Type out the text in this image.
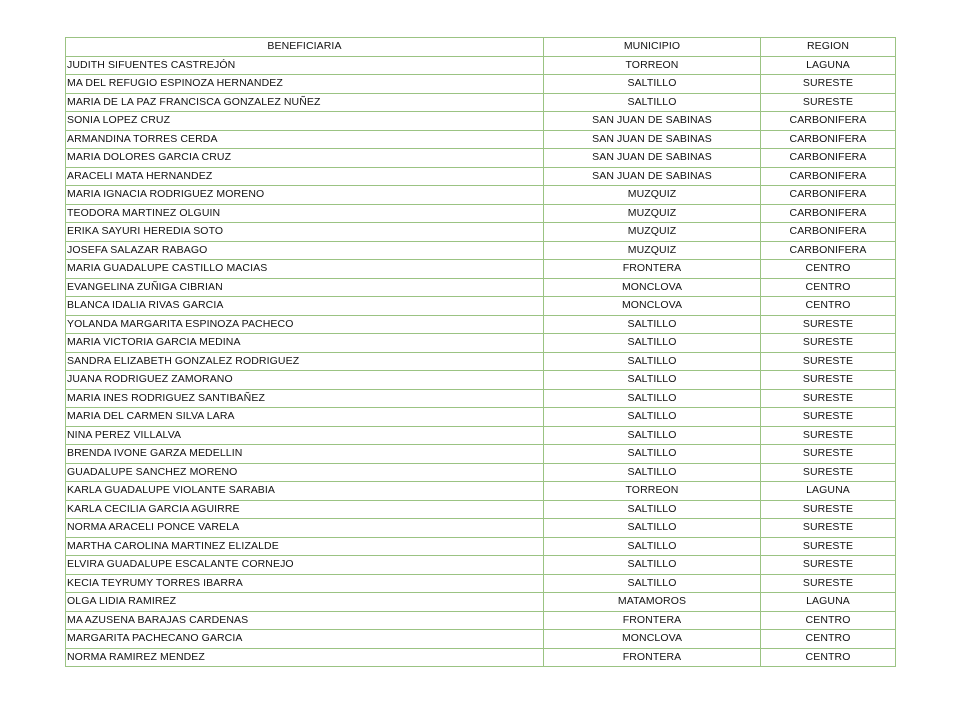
BENEFICIARIA	MUNICIPIO	REGION
JUDITH SIFUENTES CASTREJÓN	TORREON	LAGUNA
MA DEL REFUGIO ESPINOZA HERNANDEZ	SALTILLO	SURESTE
MARIA DE LA PAZ FRANCISCA GONZALEZ NUÑEZ	SALTILLO	SURESTE
SONIA LOPEZ CRUZ	SAN JUAN DE SABINAS	CARBONIFERA
ARMANDINA TORRES CERDA	SAN JUAN DE SABINAS	CARBONIFERA
MARIA DOLORES GARCIA CRUZ	SAN JUAN DE SABINAS	CARBONIFERA
ARACELI MATA HERNANDEZ	SAN JUAN DE SABINAS	CARBONIFERA
MARIA IGNACIA RODRIGUEZ MORENO	MUZQUIZ	CARBONIFERA
TEODORA MARTINEZ OLGUIN	MUZQUIZ	CARBONIFERA
ERIKA SAYURI HEREDIA SOTO	MUZQUIZ	CARBONIFERA
JOSEFA SALAZAR RABAGO	MUZQUIZ	CARBONIFERA
MARIA GUADALUPE CASTILLO MACIAS	FRONTERA	CENTRO
EVANGELINA ZUÑIGA CIBRIAN	MONCLOVA	CENTRO
BLANCA IDALIA RIVAS GARCIA	MONCLOVA	CENTRO
YOLANDA MARGARITA ESPINOZA PACHECO	SALTILLO	SURESTE
MARIA VICTORIA GARCIA MEDINA	SALTILLO	SURESTE
SANDRA ELIZABETH GONZALEZ RODRIGUEZ	SALTILLO	SURESTE
JUANA RODRIGUEZ ZAMORANO	SALTILLO	SURESTE
MARIA INES RODRIGUEZ SANTIBAÑEZ	SALTILLO	SURESTE
MARIA DEL CARMEN SILVA LARA	SALTILLO	SURESTE
NINA PEREZ VILLALVA	SALTILLO	SURESTE
BRENDA IVONE GARZA MEDELLIN	SALTILLO	SURESTE
GUADALUPE SANCHEZ MORENO	SALTILLO	SURESTE
KARLA GUADALUPE VIOLANTE SARABIA	TORREON	LAGUNA
KARLA CECILIA GARCIA AGUIRRE	SALTILLO	SURESTE
NORMA ARACELI PONCE VARELA	SALTILLO	SURESTE
MARTHA CAROLINA MARTINEZ ELIZALDE	SALTILLO	SURESTE
ELVIRA GUADALUPE ESCALANTE CORNEJO	SALTILLO	SURESTE
KECIA TEYRUMY TORRES IBARRA	SALTILLO	SURESTE
OLGA LIDIA RAMIREZ	MATAMOROS	LAGUNA
MA AZUSENA BARAJAS CARDENAS	FRONTERA	CENTRO
MARGARITA PACHECANO GARCIA	MONCLOVA	CENTRO
NORMA RAMIREZ MENDEZ	FRONTERA	CENTRO
